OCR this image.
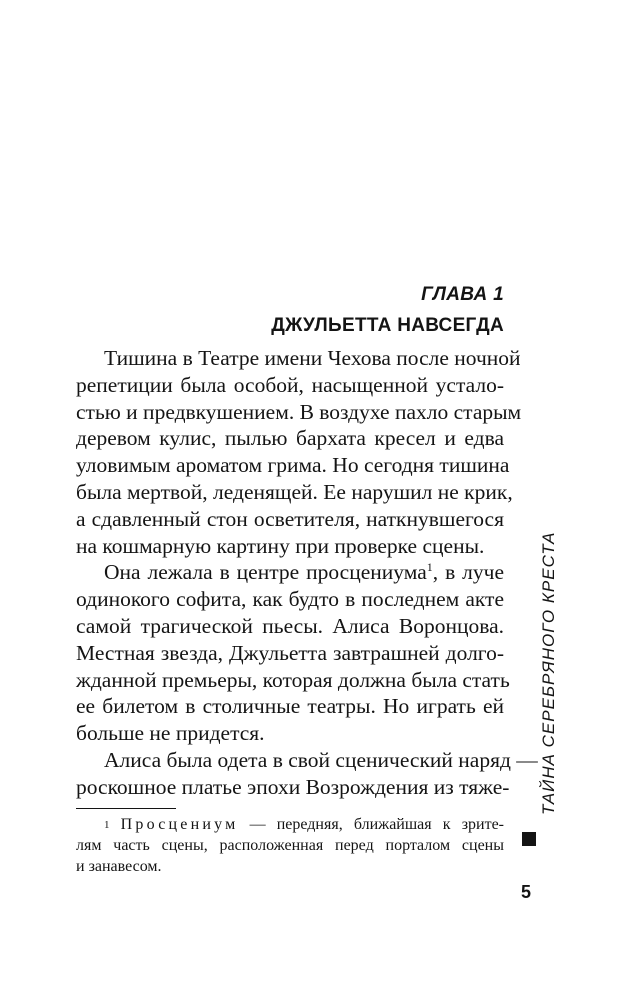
ГЛАВА 1
ДЖУЛЬЕТТА НАВСЕГДА
Тишина в Театре имени Чехова после ночной
репетиции была особой, насыщенной устало-
стью и предвкушением. В воздухе пахло старым
деревом кулис, пылью бархата кресел и едва
уловимым ароматом грима. Но сегодня тишина
была мертвой, леденящей. Ее нарушил не крик,
а сдавленный стон осветителя, наткнувшегося
на кошмарную картину при проверке сцены.
Она лежала в центре просцениума$^1$, в луче
одинокого софита, как будто в последнем акте
самой трагической пьесы. Алиса Воронцова.
Местная звезда, Джульетта завтрашней долго-
жданной премьеры, которая должна была стать
ее билетом в столичные театры. Но играть ей
больше не придется.
Алиса была одета в свой сценический наряд —
роскошное платье эпохи Возрождения из тяже-
$^1$ Просцениум — передняя, ближайшая к зрите-
лям часть сцены, расположенная перед порталом сцены
и занавесом.
ТАЙНА СЕРЕБРЯНОГО КРЕСТА
5
